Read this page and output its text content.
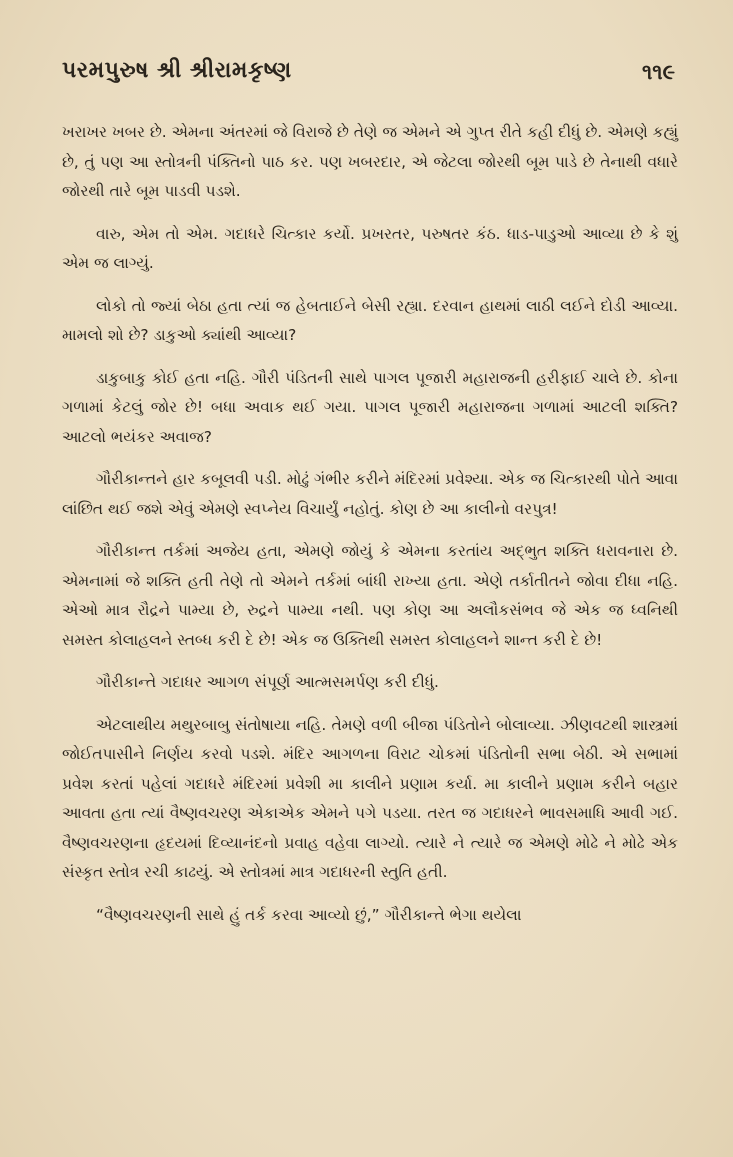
પરમપુરુષ શ્રી શ્રીરામકૃષ્ણ	૧૧૯

ખરાખર ખબર છે. એમના અંતરમાં જે વિરાજે છે તેણે જ એમને એ ગુપ્ત રીતે કહી દીધું છે. એમણે કહ્યું છે, તું પણ આ સ્તોત્રની પંક્તિનો પાઠ કર. પણ ખબરદાર, એ જેટલા જોરથી બૂમ પાડે છે તેનાથી વધારે જોરથી તારે બૂમ પાડવી પડશે.

વારુ, એમ તો એમ. ગદાધરે ચિત્કાર કર્યો. પ્રખરતર, પરુષતર કંઠ. ધાડ-પાડુઓ આવ્યા છે કે શું એમ જ લાગ્યું.

લોકો તો જ્યાં બેઠા હતા ત્યાં જ હેબતાઈને બેસી રહ્યા. દરવાન હાથમાં લાઠી લઈને દોડી આવ્યા. મામલો શો છે? ડાકુઓ ક્યાંથી આવ્યા?

ડાકુબાકુ કોઈ હતા નહિ. ગૌરી પંડિતની સાથે પાગલ પૂજારી મહારાજની હરીફાઈ ચાલે છે. કોના ગળામાં કેટલું જોર છે! બધા અવાક થઈ ગયા. પાગલ પૂજારી મહારાજના ગળામાં આટલી શક્તિ? આટલો ભયંકર અવાજ?

ગૌરીકાન્તને હાર કબૂલવી પડી. મોઢું ગંભીર કરીને મંદિરમાં પ્રવેશ્યા. એક જ ચિત્કારથી પોતે આવા લાંછિત થઈ જશે એવું એમણે સ્વપ્નેય વિચાર્યું નહોતું. કોણ છે આ કાલીનો વરપુત્ર!

ગૌરીકાન્ત તર્કમાં અજેય હતા, એમણે જોયું કે એમના કરતાંય અદ્ભુત શક્તિ ધરાવનારા છે. એમનામાં જે શક્તિ હતી તેણે તો એમને તર્કમાં બાંધી રાખ્યા હતા. એણે તર્કાતીતને જોવા દીધા નહિ. એઓ માત્ર રૌદ્રને પામ્યા છે, રુદ્રને પામ્યા નથી. પણ કોણ આ અલૌકસંભવ જે એક જ ધ્વનિથી સમસ્ત કોલાહલને સ્તબ્ધ કરી દે છે! એક જ ઉક્તિથી સમસ્ત કોલાહલને શાન્ત કરી દે છે!

ગૌરીકાન્તે ગદાધર આગળ સંપૂર્ણ આત્મસમર્પણ કરી દીધું.

એટલાથીય મથુરબાબુ સંતોષાયા નહિ. તેમણે વળી બીજા પંડિતોને બોલાવ્યા. ઝીણવટથી શાસ્ત્રમાં જોઈતપાસીને નિર્ણય કરવો પડશે. મંદિર આગળના વિરાટ ચોકમાં પંડિતોની સભા બેઠી. એ સભામાં પ્રવેશ કરતાં પહેલાં ગદાધરે મંદિરમાં પ્રવેશી મા કાલીને પ્રણામ કર્યા. મા કાલીને પ્રણામ કરીને બહાર આવતા હતા ત્યાં વૈષ્ણવચરણ એકાએક એમને પગે પડયા. તરત જ ગદાધરને ભાવસમાધિ આવી ગઈ. વૈષ્ણવચરણના હૃદયમાં દિવ્યાનંદનો પ્રવાહ વહેવા લાગ્યો. ત્યારે ને ત્યારે જ એમણે મોઢે ને મોઢે એક સંસ્કૃત સ્તોત્ર રચી કાઢયું. એ સ્તોત્રમાં માત્ર ગદાધરની સ્તુતિ હતી.

“વૈષ્ણવચરણની સાથે હું તર્ક કરવા આવ્યો છું,” ગૌરીકાન્તે ભેગા થયેલા
